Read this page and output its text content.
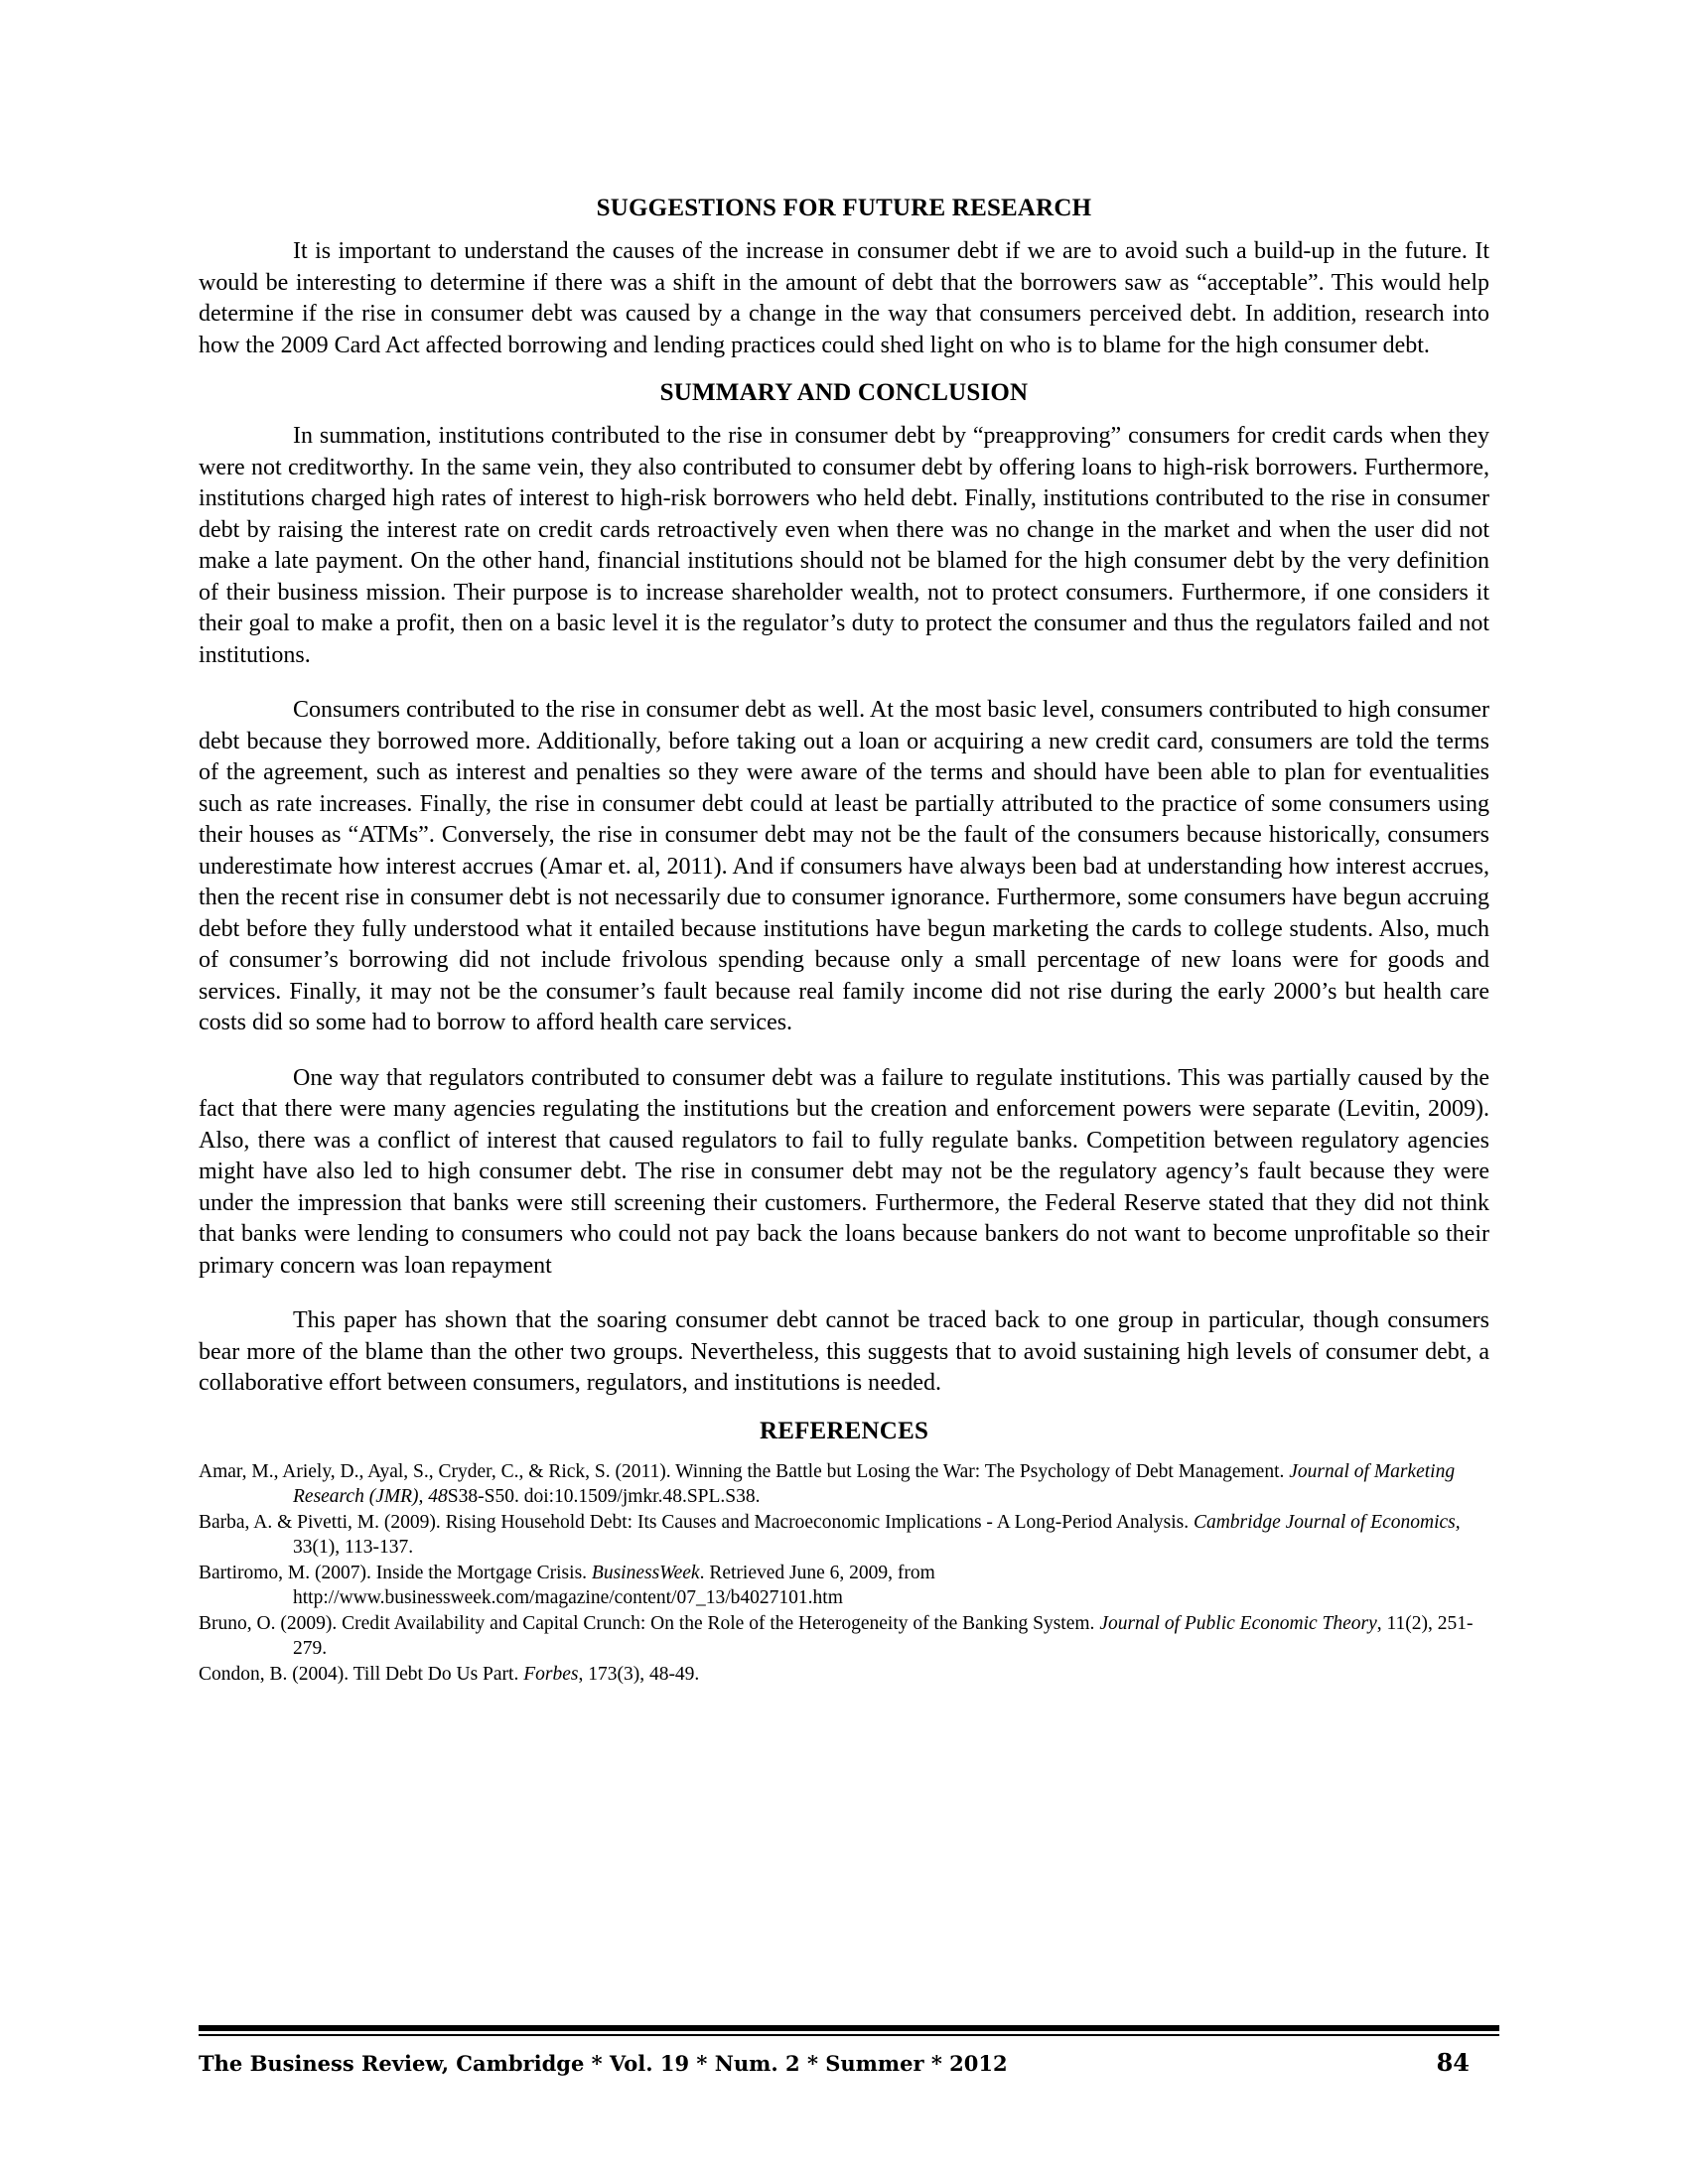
SUGGESTIONS FOR FUTURE RESEARCH

It is important to understand the causes of the increase in consumer debt if we are to avoid such a build-up in the future. It would be interesting to determine if there was a shift in the amount of debt that the borrowers saw as “acceptable”. This would help determine if the rise in consumer debt was caused by a change in the way that consumers perceived debt. In addition, research into how the 2009 Card Act affected borrowing and lending practices could shed light on who is to blame for the high consumer debt.

SUMMARY AND CONCLUSION

In summation, institutions contributed to the rise in consumer debt by “preapproving” consumers for credit cards when they were not creditworthy. In the same vein, they also contributed to consumer debt by offering loans to high-risk borrowers. Furthermore, institutions charged high rates of interest to high-risk borrowers who held debt. Finally, institutions contributed to the rise in consumer debt by raising the interest rate on credit cards retroactively even when there was no change in the market and when the user did not make a late payment. On the other hand, financial institutions should not be blamed for the high consumer debt by the very definition of their business mission. Their purpose is to increase shareholder wealth, not to protect consumers. Furthermore, if one considers it their goal to make a profit, then on a basic level it is the regulator’s duty to protect the consumer and thus the regulators failed and not institutions.

Consumers contributed to the rise in consumer debt as well. At the most basic level, consumers contributed to high consumer debt because they borrowed more. Additionally, before taking out a loan or acquiring a new credit card, consumers are told the terms of the agreement, such as interest and penalties so they were aware of the terms and should have been able to plan for eventualities such as rate increases. Finally, the rise in consumer debt could at least be partially attributed to the practice of some consumers using their houses as “ATMs”. Conversely, the rise in consumer debt may not be the fault of the consumers because historically, consumers underestimate how interest accrues (Amar et. al, 2011). And if consumers have always been bad at understanding how interest accrues, then the recent rise in consumer debt is not necessarily due to consumer ignorance. Furthermore, some consumers have begun accruing debt before they fully understood what it entailed because institutions have begun marketing the cards to college students. Also, much of consumer’s borrowing did not include frivolous spending because only a small percentage of new loans were for goods and services. Finally, it may not be the consumer’s fault because real family income did not rise during the early 2000’s but health care costs did so some had to borrow to afford health care services.

One way that regulators contributed to consumer debt was a failure to regulate institutions. This was partially caused by the fact that there were many agencies regulating the institutions but the creation and enforcement powers were separate (Levitin, 2009). Also, there was a conflict of interest that caused regulators to fail to fully regulate banks. Competition between regulatory agencies might have also led to high consumer debt. The rise in consumer debt may not be the regulatory agency’s fault because they were under the impression that banks were still screening their customers. Furthermore, the Federal Reserve stated that they did not think that banks were lending to consumers who could not pay back the loans because bankers do not want to become unprofitable so their primary concern was loan repayment

This paper has shown that the soaring consumer debt cannot be traced back to one group in particular, though consumers bear more of the blame than the other two groups. Nevertheless, this suggests that to avoid sustaining high levels of consumer debt, a collaborative effort between consumers, regulators, and institutions is needed.

REFERENCES
Amar, M., Ariely, D., Ayal, S., Cryder, C., & Rick, S. (2011). Winning the Battle but Losing the War: The Psychology of Debt Management. Journal of Marketing Research (JMR), 48S38-S50. doi:10.1509/jmkr.48.SPL.S38.
Barba, A. & Pivetti, M. (2009). Rising Household Debt: Its Causes and Macroeconomic Implications - A Long-Period Analysis. Cambridge Journal of Economics, 33(1), 113-137.
Bartiromo, M. (2007). Inside the Mortgage Crisis. BusinessWeek. Retrieved June 6, 2009, from
http://www.businessweek.com/magazine/content/07_13/b4027101.htm
Bruno, O. (2009). Credit Availability and Capital Crunch: On the Role of the Heterogeneity of the Banking System. Journal of Public Economic Theory, 11(2), 251-279.
Condon, B. (2004). Till Debt Do Us Part. Forbes, 173(3), 48-49.
The Business Review, Cambridge * Vol. 19 * Num. 2 * Summer * 2012	84
